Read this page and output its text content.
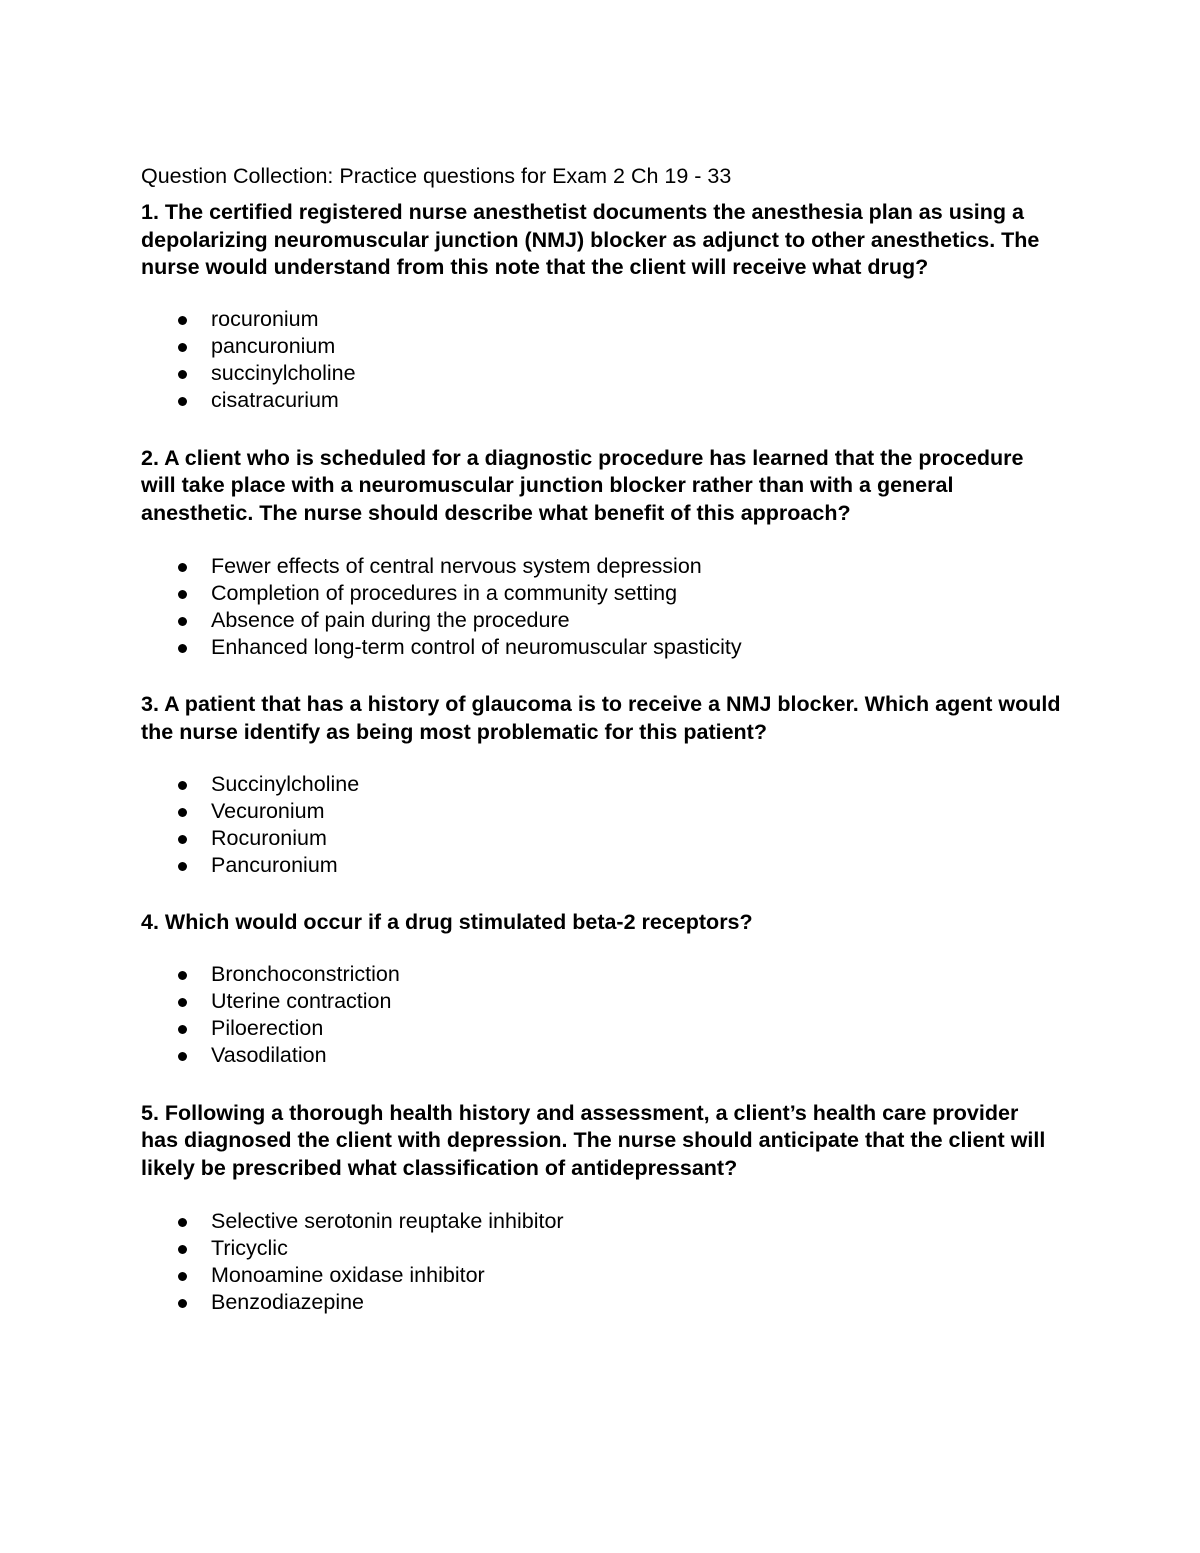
Question Collection: Practice questions for Exam 2 Ch 19 - 33

1. The certified registered nurse anesthetist documents the anesthesia plan as using a depolarizing neuromuscular junction (NMJ) blocker as adjunct to other anesthetics. The nurse would understand from this note that the client will receive what drug?

rocuronium
pancuronium
succinylcholine
cisatracurium

2. A client who is scheduled for a diagnostic procedure has learned that the procedure will take place with a neuromuscular junction blocker rather than with a general anesthetic. The nurse should describe what benefit of this approach?

Fewer effects of central nervous system depression
Completion of procedures in a community setting
Absence of pain during the procedure
Enhanced long-term control of neuromuscular spasticity

3. A patient that has a history of glaucoma is to receive a NMJ blocker. Which agent would the nurse identify as being most problematic for this patient?

Succinylcholine
Vecuronium
Rocuronium
Pancuronium

4. Which would occur if a drug stimulated beta-2 receptors?

Bronchoconstriction
Uterine contraction
Piloerection
Vasodilation

5. Following a thorough health history and assessment, a client’s health care provider has diagnosed the client with depression. The nurse should anticipate that the client will likely be prescribed what classification of antidepressant?

Selective serotonin reuptake inhibitor
Tricyclic
Monoamine oxidase inhibitor
Benzodiazepine
